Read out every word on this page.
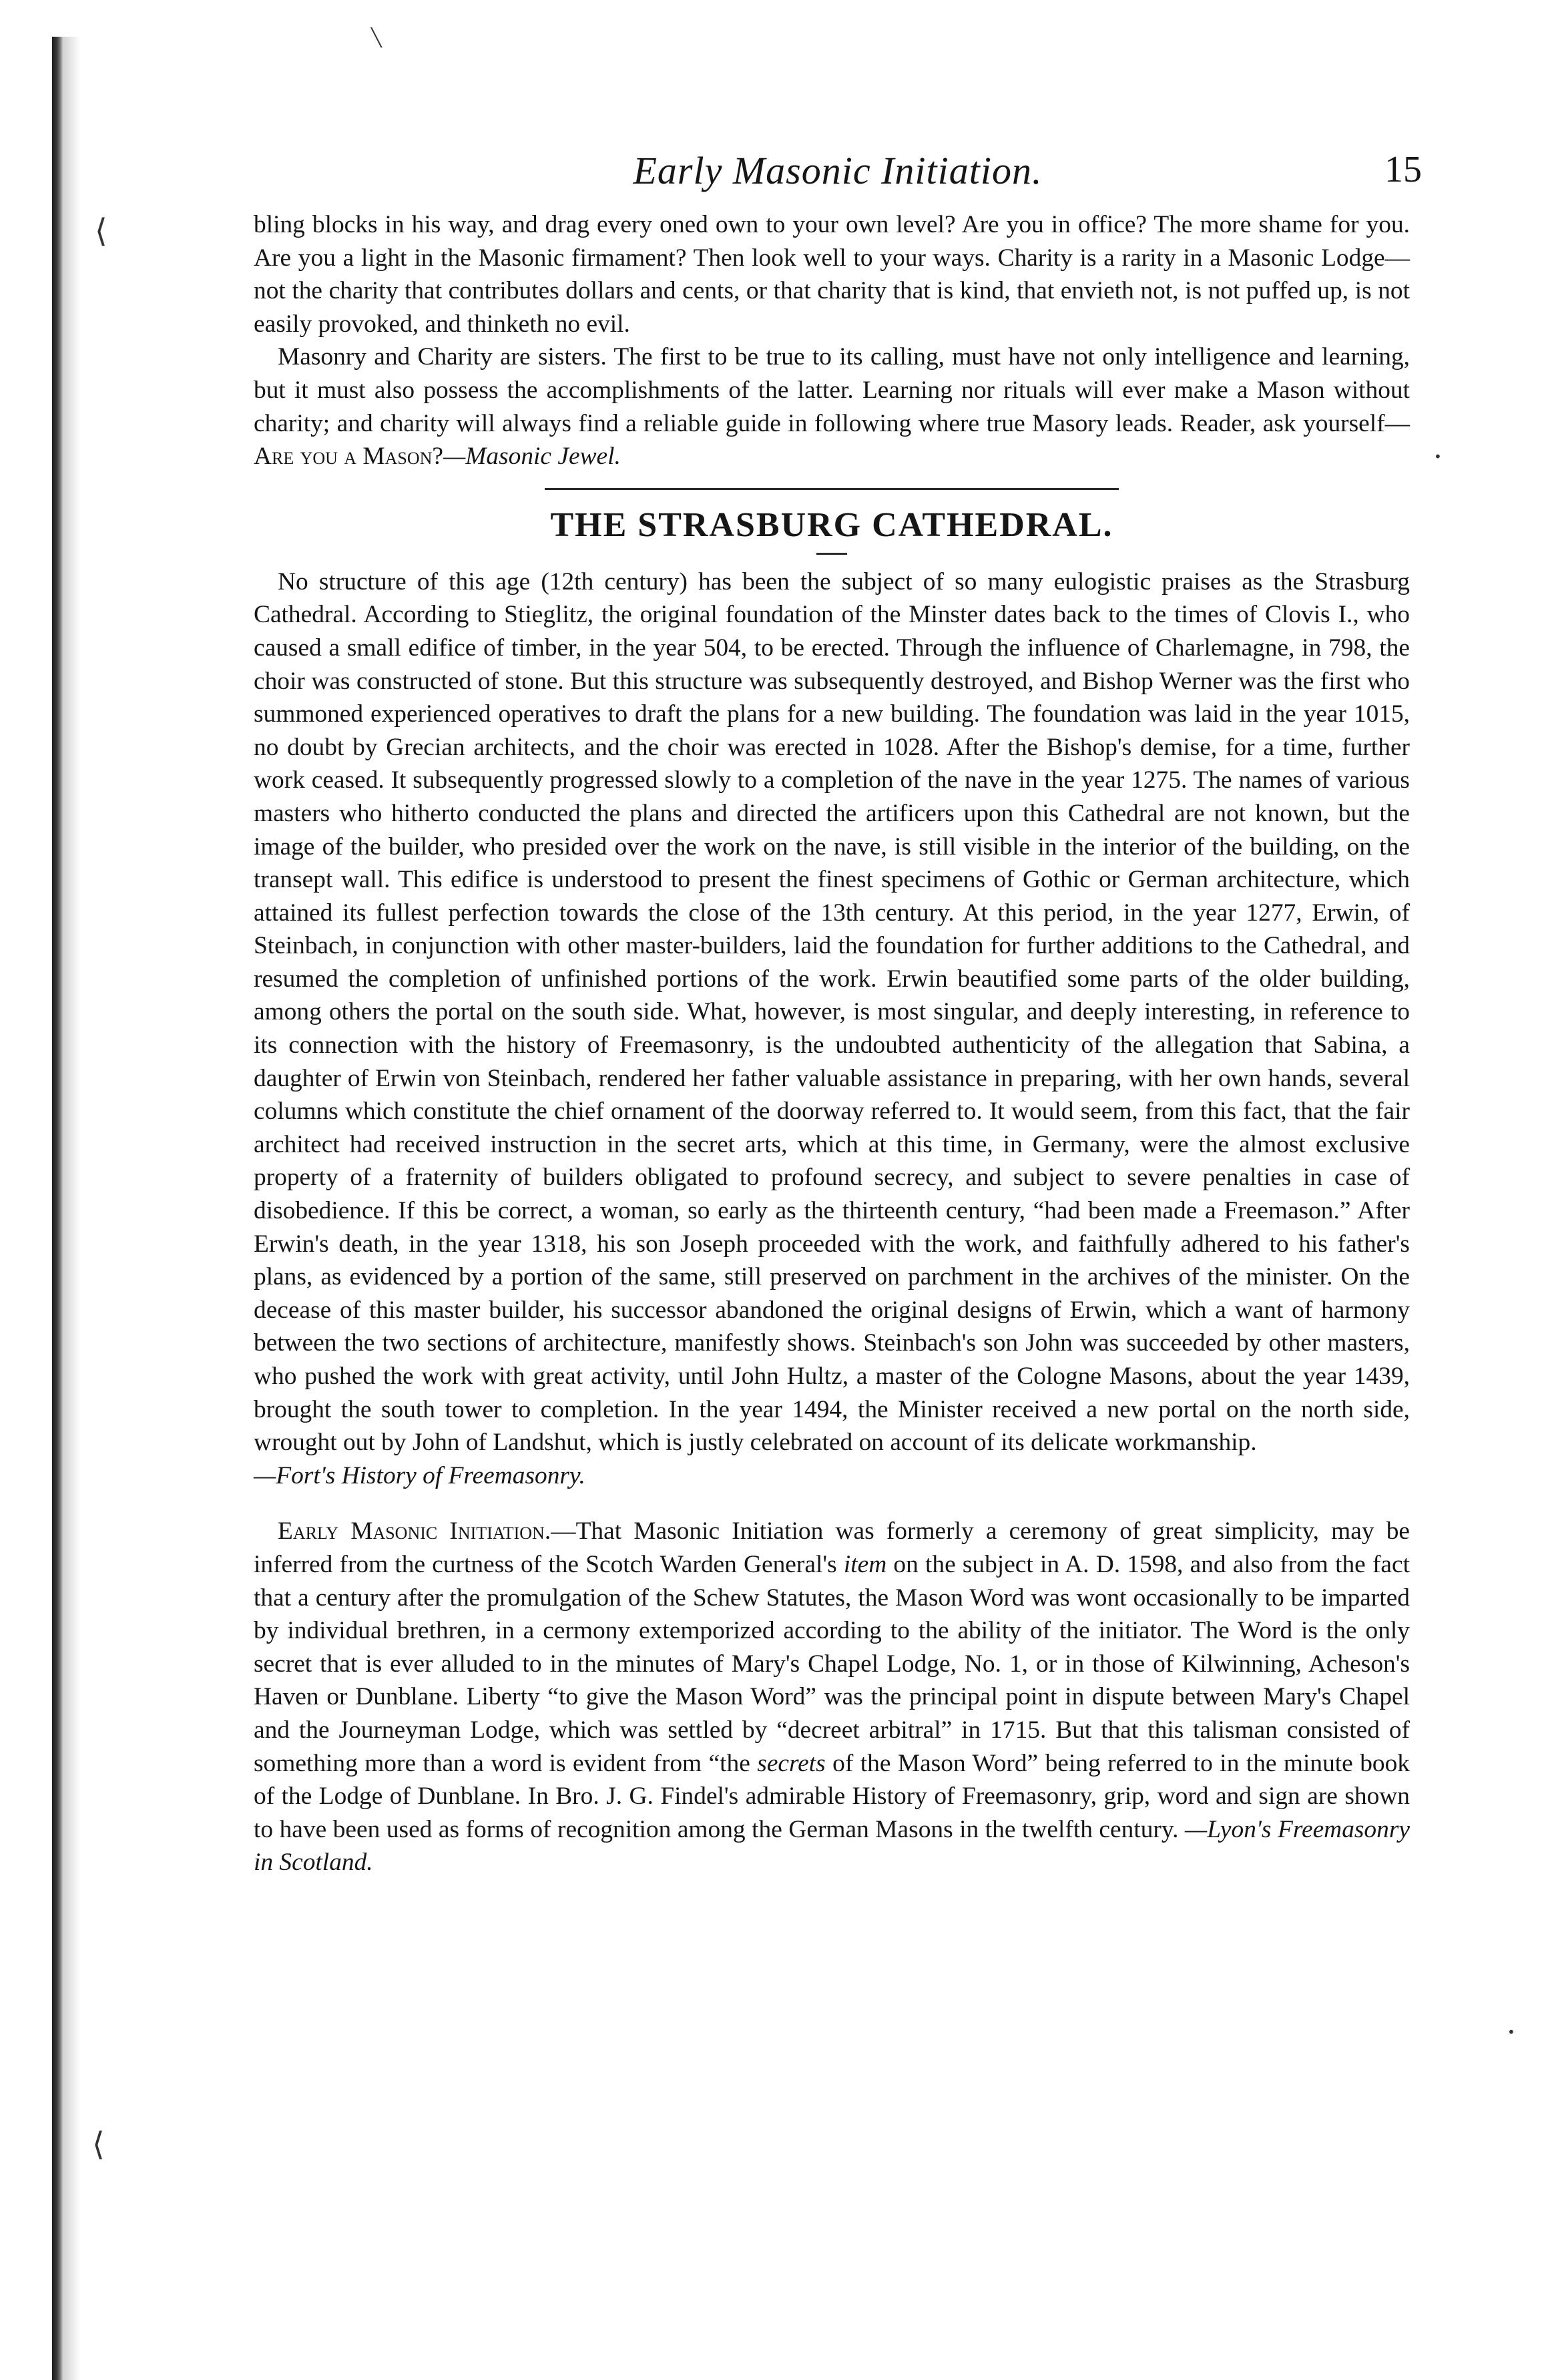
╲
⟨
⟨
•
•
Early Masonic Initiation.	15

bling blocks in his way, and drag every oned own to your own level? Are you in office? The more shame for you. Are you a light in the Masonic firmament? Then look well to your ways. Charity is a rarity in a Masonic Lodge—not the charity that contributes dollars and cents, or that charity that is kind, that envieth not, is not puffed up, is not easily provoked, and thinketh no evil.

Masonry and Charity are sisters. The first to be true to its calling, must have not only intelligence and learning, but it must also possess the accomplishments of the latter. Learning nor rituals will ever make a Mason without charity; and charity will always find a reliable guide in following where true Masory leads. Reader, ask yourself—Are you a Mason?—Masonic Jewel.

THE STRASBURG CATHEDRAL.

No structure of this age (12th century) has been the subject of so many eulogistic praises as the Strasburg Cathedral. According to Stieglitz, the original foundation of the Minster dates back to the times of Clovis I., who caused a small edifice of timber, in the year 504, to be erected. Through the influence of Charlemagne, in 798, the choir was constructed of stone. But this structure was subsequently destroyed, and Bishop Werner was the first who summoned experienced operatives to draft the plans for a new building. The foundation was laid in the year 1015, no doubt by Grecian architects, and the choir was erected in 1028. After the Bishop's demise, for a time, further work ceased. It subsequently progressed slowly to a completion of the nave in the year 1275. The names of various masters who hitherto conducted the plans and directed the artificers upon this Cathedral are not known, but the image of the builder, who presided over the work on the nave, is still visible in the interior of the building, on the transept wall. This edifice is understood to present the finest specimens of Gothic or German architecture, which attained its fullest perfection towards the close of the 13th century. At this period, in the year 1277, Erwin, of Steinbach, in conjunction with other master-builders, laid the foundation for further additions to the Cathedral, and resumed the completion of unfinished portions of the work. Erwin beautified some parts of the older building, among others the portal on the south side. What, however, is most singular, and deeply interesting, in reference to its connection with the history of Freemasonry, is the undoubted authenticity of the allegation that Sabina, a daughter of Erwin von Steinbach, rendered her father valuable assistance in preparing, with her own hands, several columns which constitute the chief ornament of the doorway referred to. It would seem, from this fact, that the fair architect had received instruction in the secret arts, which at this time, in Germany, were the almost exclusive property of a fraternity of builders obligated to profound secrecy, and subject to severe penalties in case of disobedience. If this be correct, a woman, so early as the thirteenth century, “had been made a Freemason.” After Erwin's death, in the year 1318, his son Joseph proceeded with the work, and faithfully adhered to his father's plans, as evidenced by a portion of the same, still preserved on parchment in the archives of the minister. On the decease of this master builder, his successor abandoned the original designs of Erwin, which a want of harmony between the two sections of architecture, manifestly shows. Steinbach's son John was succeeded by other masters, who pushed the work with great activity, until John Hultz, a master of the Cologne Masons, about the year 1439, brought the south tower to completion. In the year 1494, the Minister received a new portal on the north side, wrought out by John of Landshut, which is justly celebrated on account of its delicate workmanship.

—Fort's History of Freemasonry.

Early Masonic Initiation.—That Masonic Initiation was formerly a ceremony of great simplicity, may be inferred from the curtness of the Scotch Warden General's item on the subject in A. D. 1598, and also from the fact that a century after the promulgation of the Schew Statutes, the Mason Word was wont occasionally to be imparted by individual brethren, in a cermony extemporized according to the ability of the initiator. The Word is the only secret that is ever alluded to in the minutes of Mary's Chapel Lodge, No. 1, or in those of Kilwinning, Acheson's Haven or Dunblane. Liberty “to give the Mason Word” was the principal point in dispute between Mary's Chapel and the Journeyman Lodge, which was settled by “decreet arbitral” in 1715. But that this talisman consisted of something more than a word is evident from “the secrets of the Mason Word” being referred to in the minute book of the Lodge of Dunblane. In Bro. J. G. Findel's admirable History of Freemasonry, grip, word and sign are shown to have been used as forms of recognition among the German Masons in the twelfth century. —Lyon's Freemasonry in Scotland.
